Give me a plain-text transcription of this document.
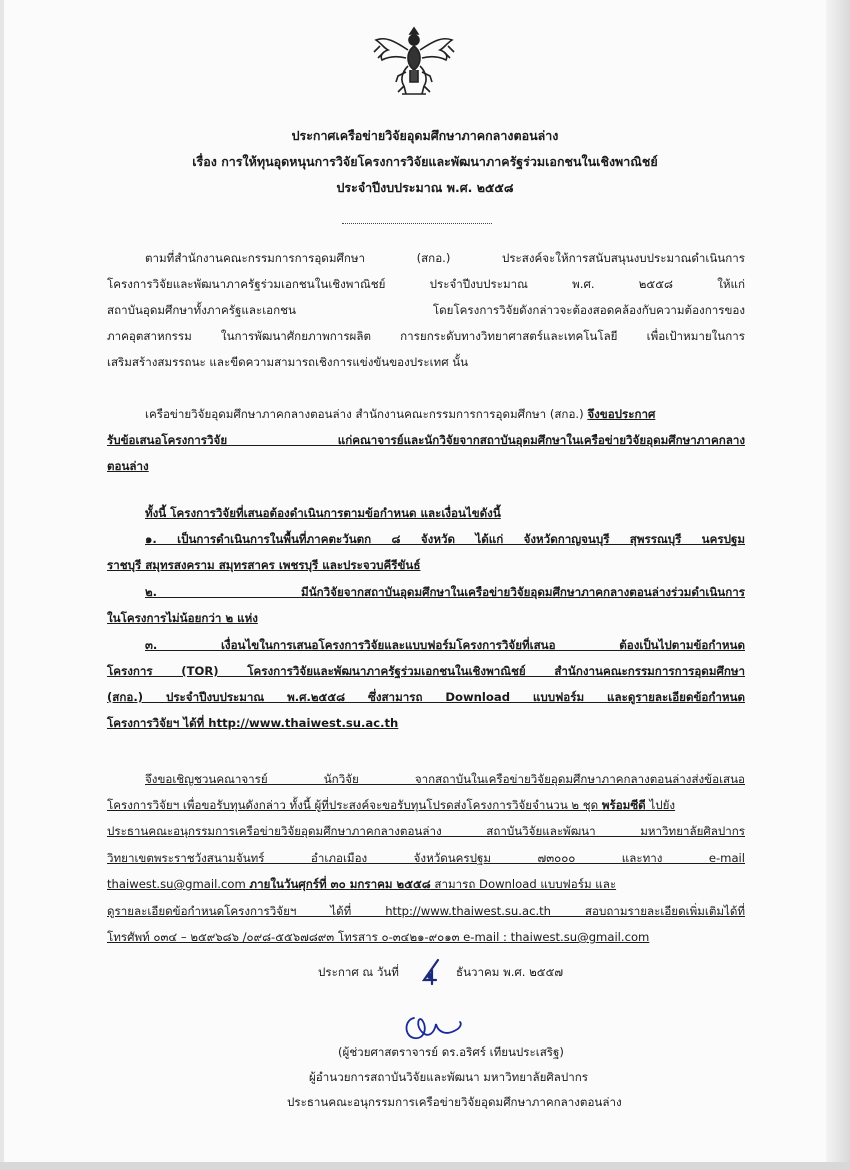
ประกาศเครือข่ายวิจัยอุดมศึกษาภาคกลางตอนล่าง
เรื่อง การให้ทุนอุดหนุนการวิจัยโครงการวิจัยและพัฒนาภาครัฐร่วมเอกชนในเชิงพาณิชย์
ประจำปีงบประมาณ พ.ศ. ๒๕๕๘
ตามที่สำนักงานคณะกรรมการการอุดมศึกษา (สกอ.) ประสงค์จะให้การสนับสนุนงบประมาณดำเนินการ
โครงการวิจัยและพัฒนาภาครัฐร่วมเอกชนในเชิงพาณิชย์ ประจำปีงบประมาณ พ.ศ. ๒๕๕๘ ให้แก่
สถาบันอุดมศึกษาทั้งภาครัฐและเอกชน โดยโครงการวิจัยดังกล่าวจะต้องสอดคล้องกับความต้องการของ
ภาคอุตสาหกรรม ในการพัฒนาศักยภาพการผลิต การยกระดับทางวิทยาศาสตร์และเทคโนโลยี เพื่อเป้าหมายในการ
เสริมสร้างสมรรถนะ และขีดความสามารถเชิงการแข่งขันของประเทศ นั้น
เครือข่ายวิจัยอุดมศึกษาภาคกลางตอนล่าง สำนักงานคณะกรรมการการอุดมศึกษา (สกอ.) จึงขอประกาศ
รับข้อเสนอโครงการวิจัย แก่คณาจารย์และนักวิจัยจากสถาบันอุดมศึกษาในเครือข่ายวิจัยอุดมศึกษาภาคกลาง
ตอนล่าง
ทั้งนี้ โครงการวิจัยที่เสนอต้องดำเนินการตามข้อกำหนด และเงื่อนไขดังนี้
๑. เป็นการดำเนินการในพื้นที่ภาคตะวันตก ๘ จังหวัด ได้แก่ จังหวัดกาญจนบุรี สุพรรณบุรี นครปฐม
ราชบุรี สมุทรสงคราม สมุทรสาคร เพชรบุรี และประจวบคีรีขันธ์
๒. มีนักวิจัยจากสถาบันอุดมศึกษาในเครือข่ายวิจัยอุดมศึกษาภาคกลางตอนล่างร่วมดำเนินการ
ในโครงการไม่น้อยกว่า ๒ แห่ง
๓. เงื่อนไขในการเสนอโครงการวิจัยและแบบฟอร์มโครงการวิจัยที่เสนอ ต้องเป็นไปตามข้อกำหนด
โครงการ (TOR) โครงการวิจัยและพัฒนาภาครัฐร่วมเอกชนในเชิงพาณิชย์ สำนักงานคณะกรรมการการอุดมศึกษา
(สกอ.) ประจำปีงบประมาณ พ.ศ.๒๕๕๘ ซึ่งสามารถ Download แบบฟอร์ม และดูรายละเอียดข้อกำหนด
โครงการวิจัยฯ ได้ที่ http://www.thaiwest.su.ac.th
จึงขอเชิญชวนคณาจารย์ นักวิจัย จากสถาบันในเครือข่ายวิจัยอุดมศึกษาภาคกลางตอนล่างส่งข้อเสนอ
โครงการวิจัยฯ เพื่อขอรับทุนดังกล่าว ทั้งนี้ ผู้ที่ประสงค์จะขอรับทุนโปรดส่งโครงการวิจัยจำนวน ๒ ชุด พร้อมซีดี ไปยัง
ประธานคณะอนุกรรมการเครือข่ายวิจัยอุดมศึกษาภาคกลางตอนล่าง สถาบันวิจัยและพัฒนา มหาวิทยาลัยศิลปากร
วิทยาเขตพระราชวังสนามจันทร์ อำเภอเมือง จังหวัดนครปฐม ๗๓๐๐๐ และทาง e-mail
thaiwest.su@gmail.com ภายในวันศุกร์ที่ ๓๐ มกราคม ๒๕๕๘ สามารถ Download แบบฟอร์ม และ
ดูรายละเอียดข้อกำหนดโครงการวิจัยฯ ได้ที่ http://www.thaiwest.su.ac.th สอบถามรายละเอียดเพิ่มเติมได้ที่
โทรศัพท์ ๐๓๔ – ๒๕๙๖๘๖ /๐๙๘-๕๕๖๗๘๙๓ โทรสาร ๐-๓๔๒๑-๙๐๑๓ e-mail : thaiwest.su@gmail.com
ประกาศ ณ วันที่	ธันวาคม พ.ศ. ๒๕๕๗
(ผู้ช่วยศาสตราจารย์ ดร.อริศร์ เทียนประเสริฐ)
ผู้อำนวยการสถาบันวิจัยและพัฒนา มหาวิทยาลัยศิลปากร
ประธานคณะอนุกรรมการเครือข่ายวิจัยอุดมศึกษาภาคกลางตอนล่าง
